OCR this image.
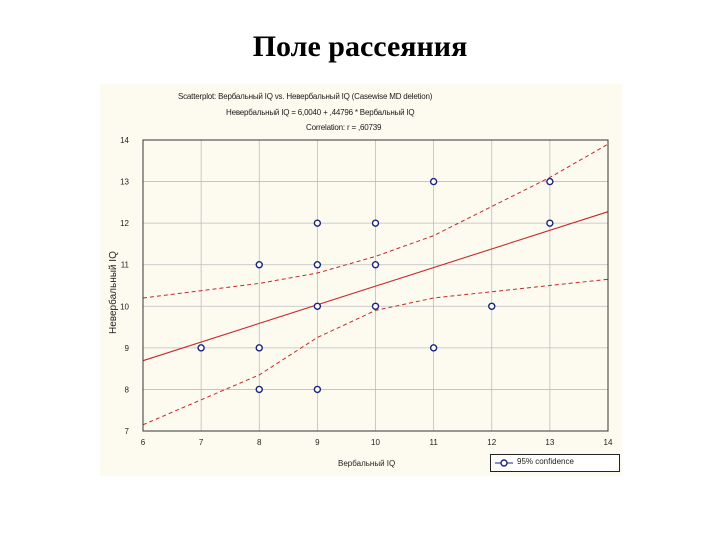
Поле рассеяния
Scatterplot: Вербальный IQ vs. Невербальный IQ (Casewise MD deletion)
Невербальный IQ = 6,0040 + ,44796 * Вербальный IQ
Correlation: r = ,60739
6	7	8	9	10	11	12	13	14
7
8
9
10
11
12
13
14
Вербальный IQ
Невербальный IQ
95% confidence
